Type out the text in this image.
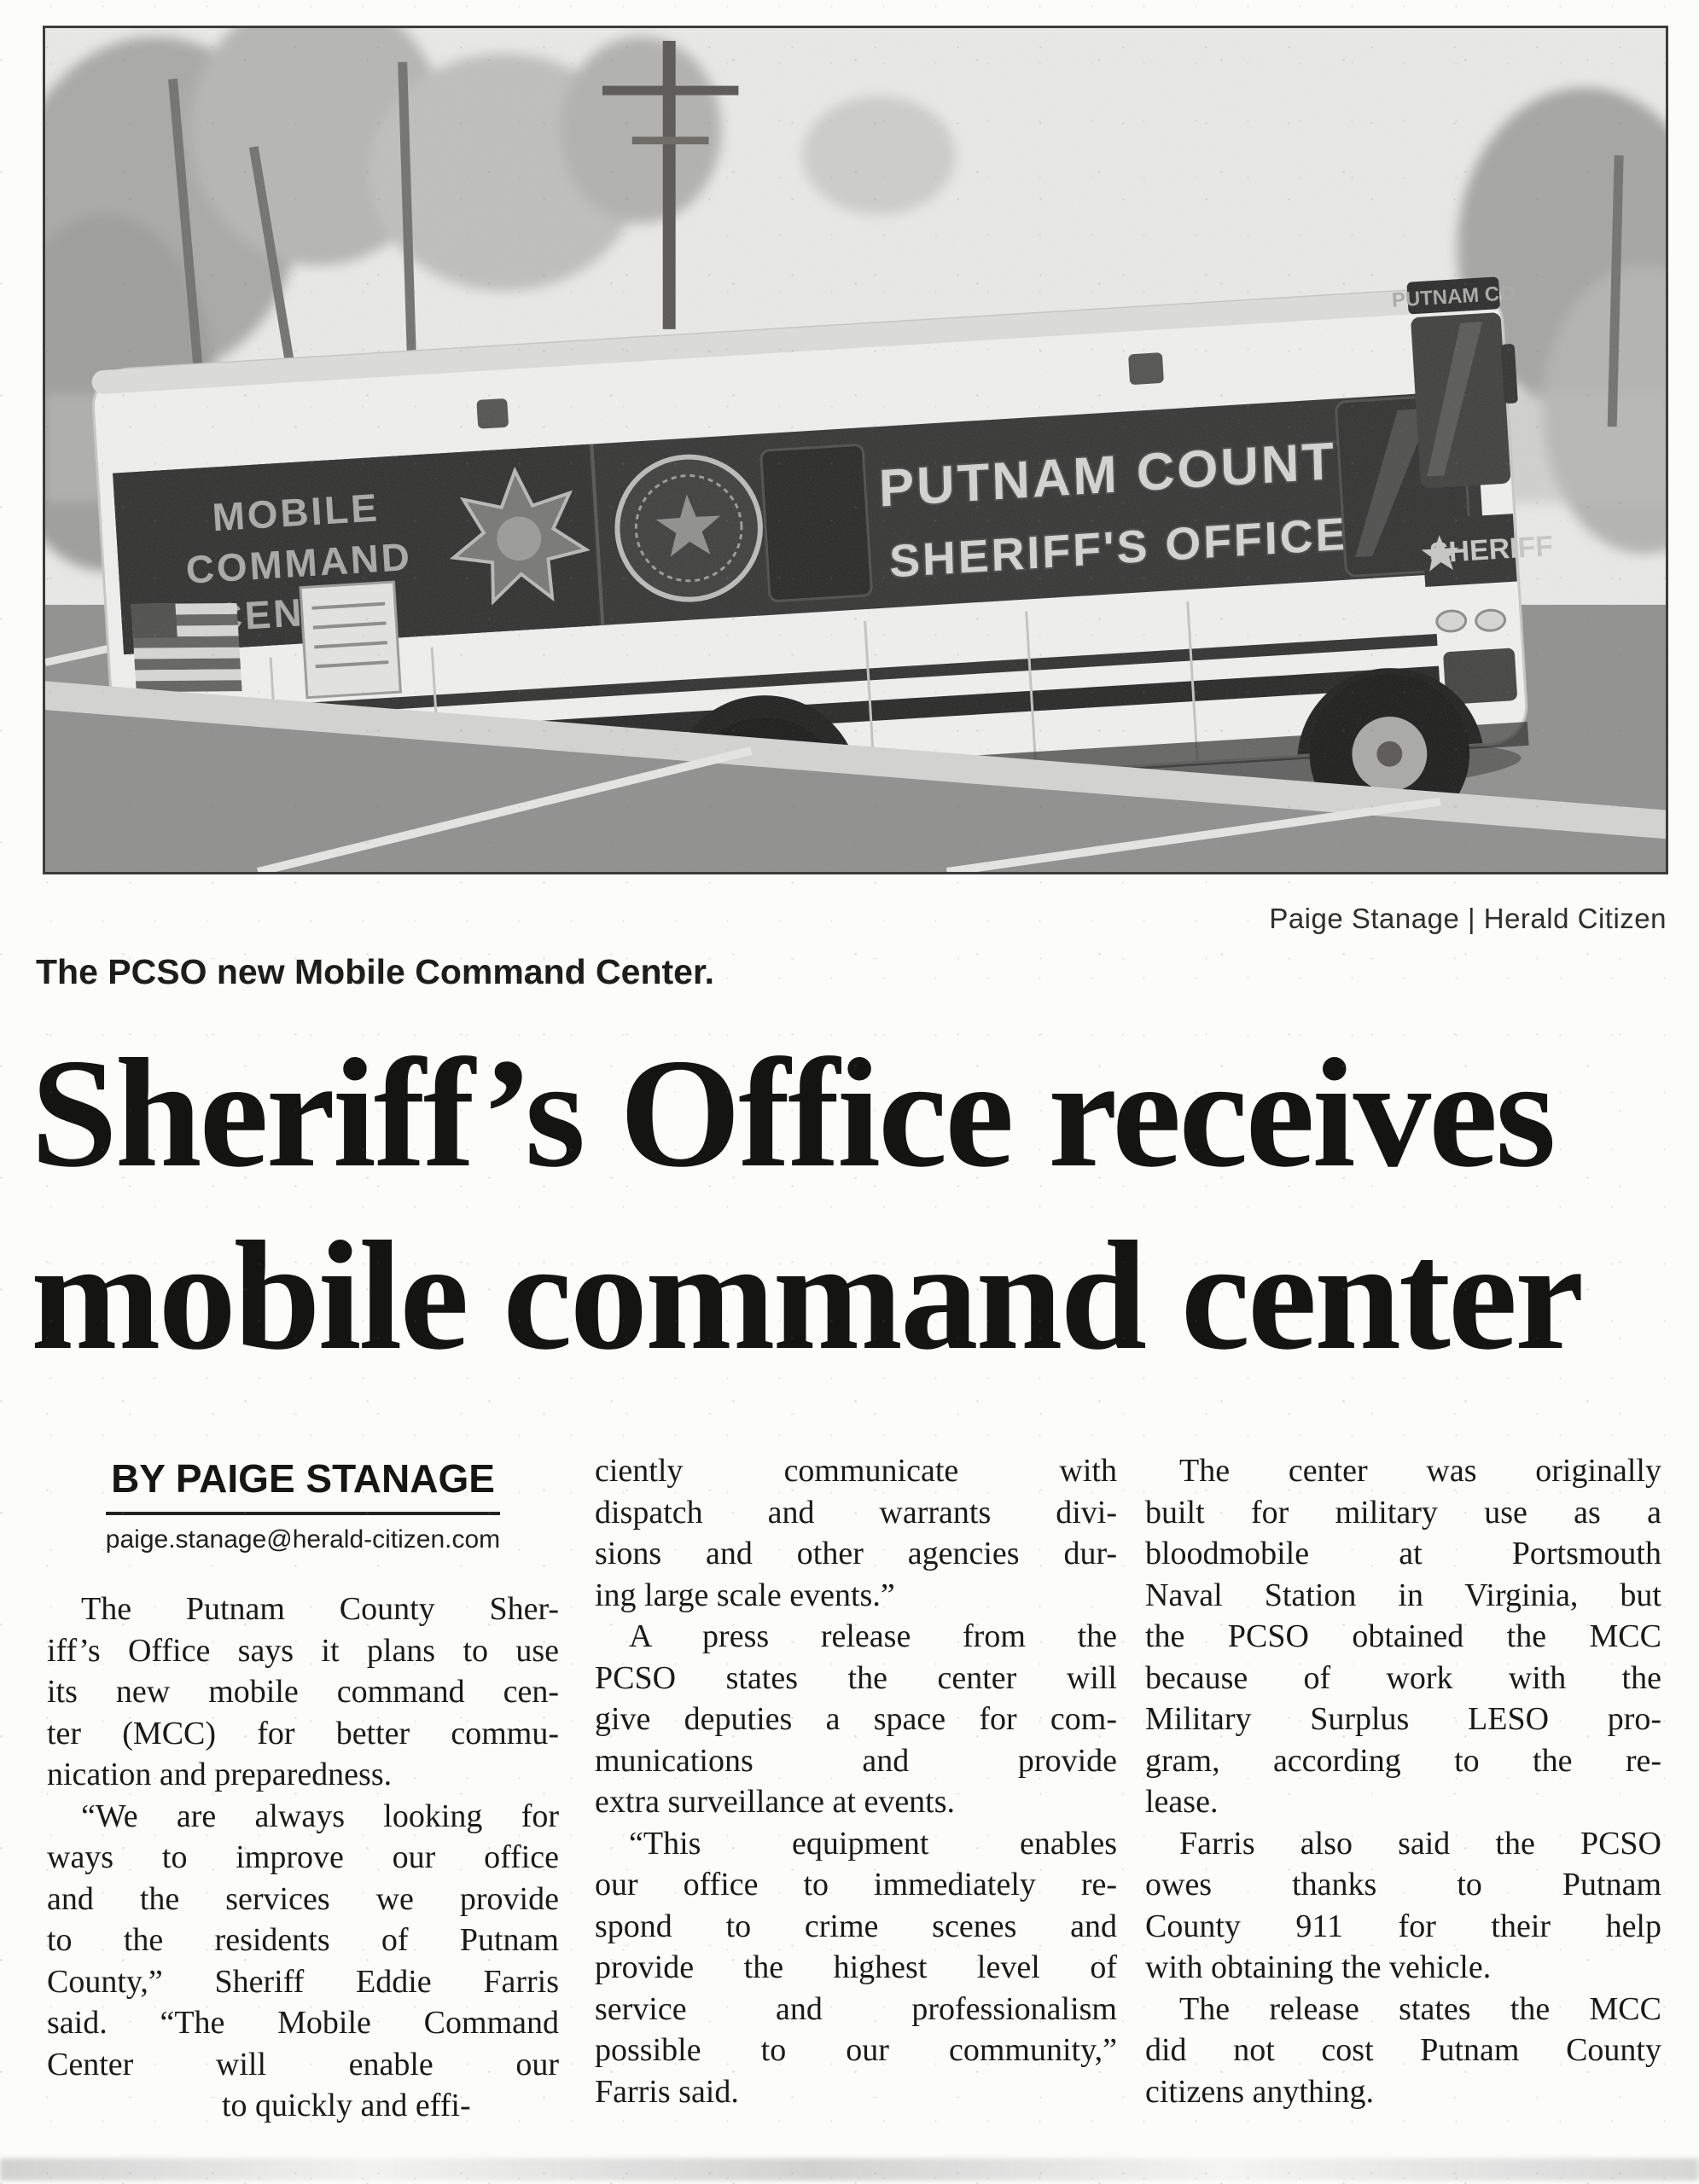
Paige Stanage | Herald Citizen
The PCSO new Mobile Command Center.
Sheriff’s Office receives
mobile command center
BY PAIGE STANAGE
paige.stanage@herald-citizen.com
The Putnam County Sher-
iff’s Office says it plans to use
its new mobile command cen-
ter (MCC) for better commu-
nication and preparedness.
“We are always looking for
ways to improve our office
and the services we provide
to the residents of Putnam
County,” Sheriff Eddie Farris
said. “The Mobile Command
Center will enable our
to quickly and effi-
ciently communicate with
dispatch and warrants divi-
sions and other agencies dur-
ing large scale events.”
A press release from the
PCSO states the center will
give deputies a space for com-
munications and provide
extra surveillance at events.
“This equipment enables
our office to immediately re-
spond to crime scenes and
provide the highest level of
service and professionalism
possible to our community,”
Farris said.
The center was originally
built for military use as a
bloodmobile at Portsmouth
Naval Station in Virginia, but
the PCSO obtained the MCC
because of work with the
Military Surplus LESO pro-
gram, according to the re-
lease.
Farris also said the PCSO
owes thanks to Putnam
County 911 for their help
with obtaining the vehicle.
The release states the MCC
did not cost Putnam County
citizens anything.
